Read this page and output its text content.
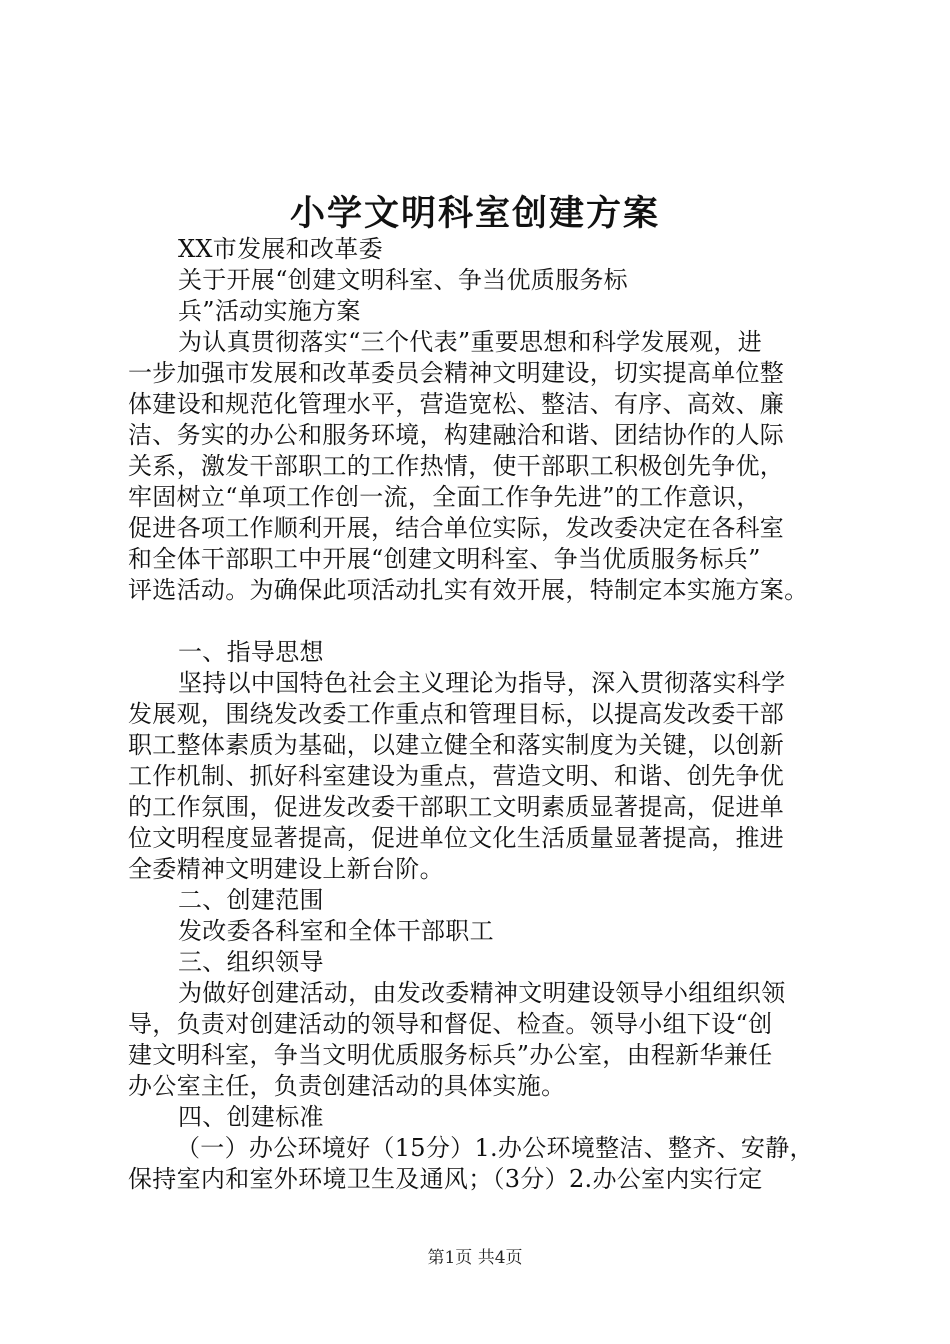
小学文明科室创建方案
XX市发展和改革委
关于开展“创建文明科室、争当优质服务标
兵”活动实施方案
为认真贯彻落实“三个代表”重要思想和科学发展观，进
一步加强市发展和改革委员会精神文明建设，切实提高单位整
体建设和规范化管理水平，营造宽松、整洁、有序、高效、廉
洁、务实的办公和服务环境，构建融洽和谐、团结协作的人际
关系，激发干部职工的工作热情，使干部职工积极创先争优，
牢固树立“单项工作创一流，全面工作争先进”的工作意识，
促进各项工作顺利开展，结合单位实际，发改委决定在各科室
和全体干部职工中开展“创建文明科室、争当优质服务标兵”
评选活动。为确保此项活动扎实有效开展，特制定本实施方案。
一、指导思想
坚持以中国特色社会主义理论为指导，深入贯彻落实科学
发展观，围绕发改委工作重点和管理目标，以提高发改委干部
职工整体素质为基础，以建立健全和落实制度为关键，以创新
工作机制、抓好科室建设为重点，营造文明、和谐、创先争优
的工作氛围，促进发改委干部职工文明素质显著提高，促进单
位文明程度显著提高，促进单位文化生活质量显著提高，推进
全委精神文明建设上新台阶。
二、创建范围
发改委各科室和全体干部职工
三、组织领导
为做好创建活动，由发改委精神文明建设领导小组组织领
导，负责对创建活动的领导和督促、检查。领导小组下设“创
建文明科室，争当文明优质服务标兵”办公室，由程新华兼任
办公室主任，负责创建活动的具体实施。
四、创建标准
（一）办公环境好（15分）1.办公环境整洁、整齐、安静，
保持室内和室外环境卫生及通风；（3分）2.办公室内实行定
第1页 共4页
